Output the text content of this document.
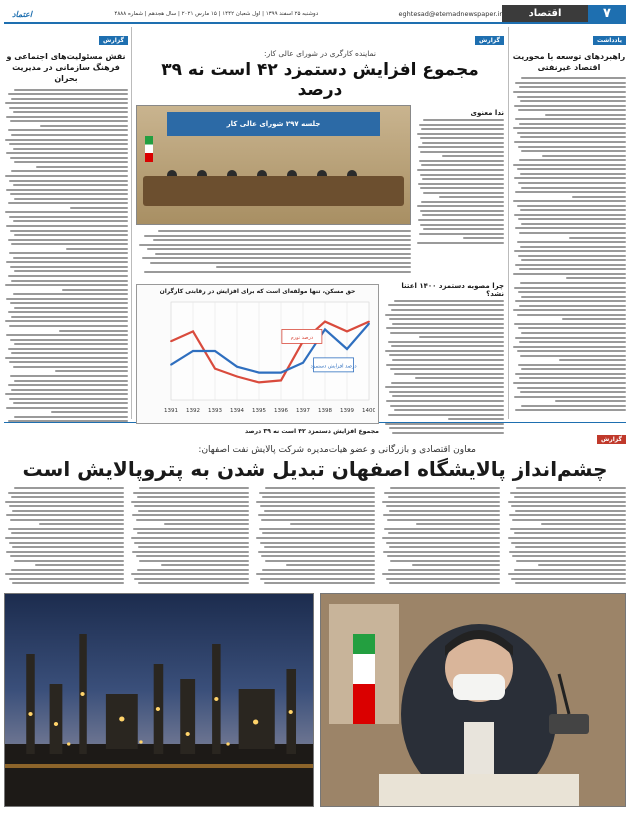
اعتماد	دوشنبه ۲۵ اسفند ۱۳۹۹ | اول شعبان ۱۴۴۲ | ۱۵ مارس ۲۰۲۱ | سال هجدهم | شماره ۴۸۸۸	eghtesad@etemadnewspaper.ir	اقتصاد	۷
یادداشت
راهبردهای توسعه با محوریت اقتصاد غیرنفتی
گزارش
نماینده کارگری در شورای عالی کار:
مجموع افزایش دستمزد ۴۲ است نه ۳۹ درصد
ندا معنوی
جلسه ۲۹۷ شورای عالی کار
چرا مصوبه دستمزد ۱۴۰۰ اعتنا نشد؟
حق مسکن، تنها مولفه‌ای است که برای افزایش در رقابتی کارگران
1391 1392 1393 1394 1395 1396 1397 1398 1399 1400
درصد تورم
درصد افزایش دستمزد
مجموع افزایش دستمزد ۴۲ است نه ۳۹ درصد
گزارش
نقش مسئولیت‌های اجتماعی و فرهنگ سازمانی در مدیریت بحران
گزارش
معاون اقتصادی و بازرگانی و عضو هیات‌مدیره شرکت پالایش نفت اصفهان:
چشم‌انداز پالایشگاه اصفهان تبدیل شدن به پتروپالایش است
